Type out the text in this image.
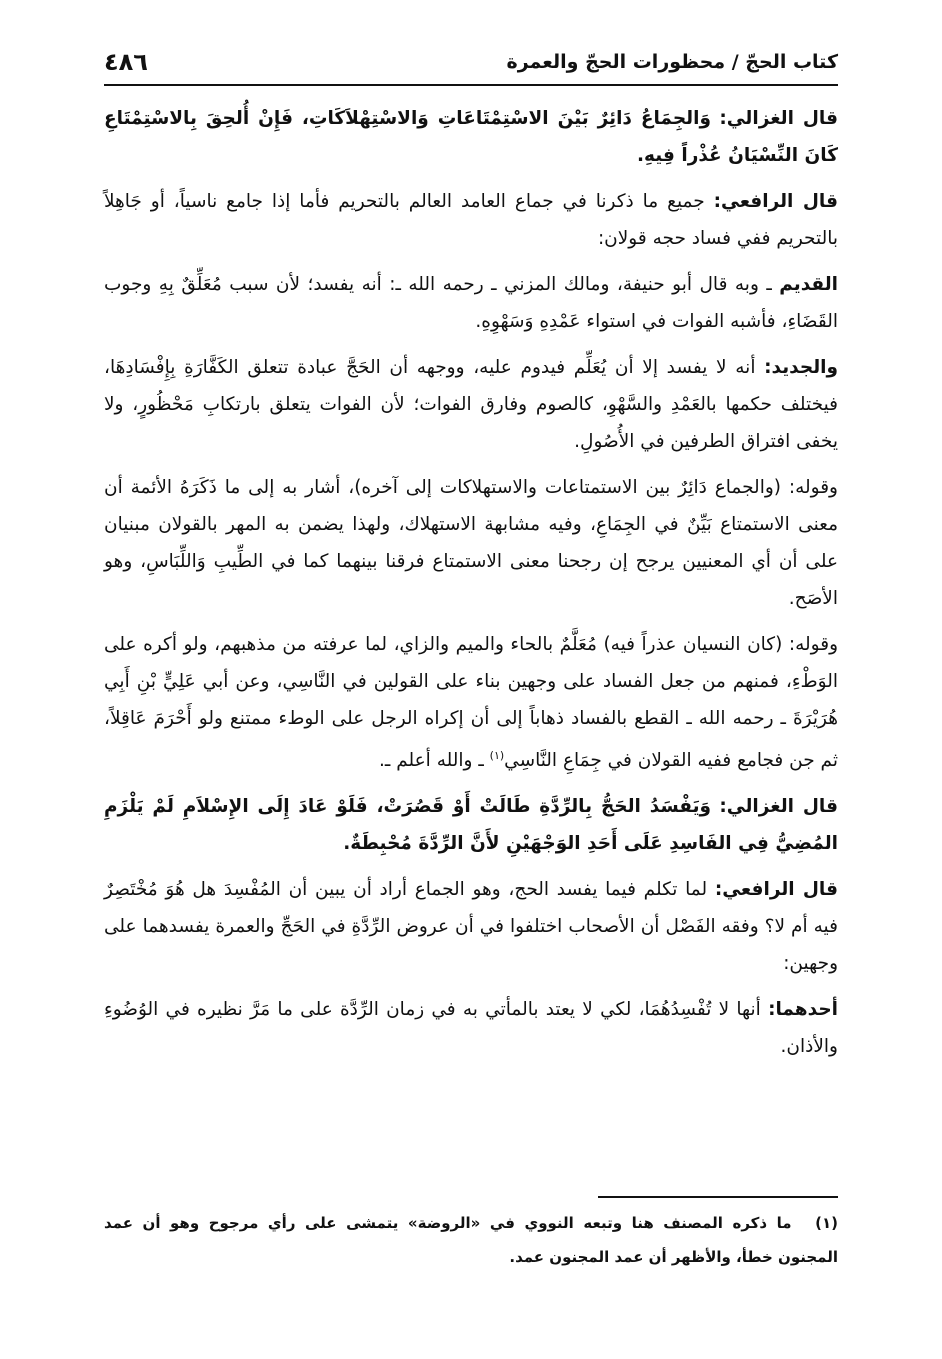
كتاب الحجّ / محظورات الحجّ والعمرة
٤٨٦

قال الغزالي: وَالجِمَاعُ دَائِرٌ بَيْنَ الاسْتِمْتَاعَاتِ وَالاسْتِهْلاَكَاتِ، فَإِنْ أُلحِقَ بِالاسْتِمْتَاعِ كَانَ النِّسْيَانُ عُذْراً فِيهِ.

قال الرافعي: جميع ما ذكرنا في جماع العامد العالم بالتحريم فأما إذا جامع ناسياً، أو جَاهِلاً بالتحريم ففي فساد حجه قولان:

القديم ـ وبه قال أبو حنيفة، ومالك المزني ـ رحمه الله ـ: أنه يفسد؛ لأن سبب مُعَلِّقٌ بِهِ وجوب القَضَاءِ، فأشبه الفوات في استواء عَمْدِهِ وَسَهْوِهِ.

والجديد: أنه لا يفسد إلا أن يُعَلِّم فيدوم عليه، ووجهه أن الحَجَّ عبادة تتعلق الكَفَّارَةِ بِإِفْسَادِهَا، فيختلف حكمها بالعَمْدِ والسَّهْوِ، كالصوم وفارق الفوات؛ لأن الفوات يتعلق بارتكابِ مَحْظُورٍ، ولا يخفى افتراق الطرفين في الأُصُولِ.

وقوله: (والجماع دَائِرٌ بين الاستمتاعات والاستهلاكات إلى آخره)، أشار به إلى ما ذَكَرَهُ الأئمة أن معنى الاستمتاع بَيِّنٌ في الجِمَاعِ، وفيه مشابهة الاستهلاك، ولهذا يضمن به المهر بالقولان مبنيان على أن أي المعنيين يرجح إن رجحنا معنى الاستمتاع فرقنا بينهما كما في الطِّيبِ وَاللِّبَاسِ، وهو الأصَح.

وقوله: (كان النسيان عذراً فيه) مُعَلَّمٌ بالحاء والميم والزاي، لما عرفته من مذهبهم، ولو أكره على الوَطْءِ، فمنهم من جعل الفساد على وجهين بناء على القولين في النَّاسِي، وعن أبي عَلِيٍّ بْنِ أَبِي هُرَيْرَةَ ـ رحمه الله ـ القطع بالفساد ذهاباً إلى أن إكراه الرجل على الوطء ممتنع ولو أَحْرَمَ عَاقِلاً، ثم جن فجامع ففيه القولان في جِمَاعِ النَّاسِي$^{(١)}$ ـ والله أعلم ـ.

قال الغزالي: وَيَفْسَدُ الحَجُّ بِالرِّدَّةِ طَالَتْ أَوْ قَصُرَتْ، فَلَوْ عَادَ إِلَى الإِسْلاَمِ لَمْ يَلْزَمِ المُضِيُّ فِي الفَاسِدِ عَلَى أَحَدِ الوَجْهَيْنِ لأَنَّ الرِّدَّةَ مُحْبِطَةٌ.

قال الرافعي: لما تكلم فيما يفسد الحج، وهو الجماع أراد أن يبين أن المُفْسِدَ هل هُوَ مُخْتَصِرٌ فيه أم لا؟ وفقه الفَصْل أن الأصحاب اختلفوا في أن عروض الرِّدَّةِ في الحَجِّ والعمرة يفسدهما على وجهين:

أحدهما: أنها لا تُفْسِدُهُمَا، لكي لا يعتد بالمأتي به في زمان الرِّدَّة على ما مَرَّ نظيره في الوُضُوءِ والأذان.

(١) ما ذكره المصنف هنا وتبعه النووي في «الروضة» يتمشى على رأي مرجوح وهو أن عمد المجنون خطأ، والأظهر أن عمد المجنون عمد.
